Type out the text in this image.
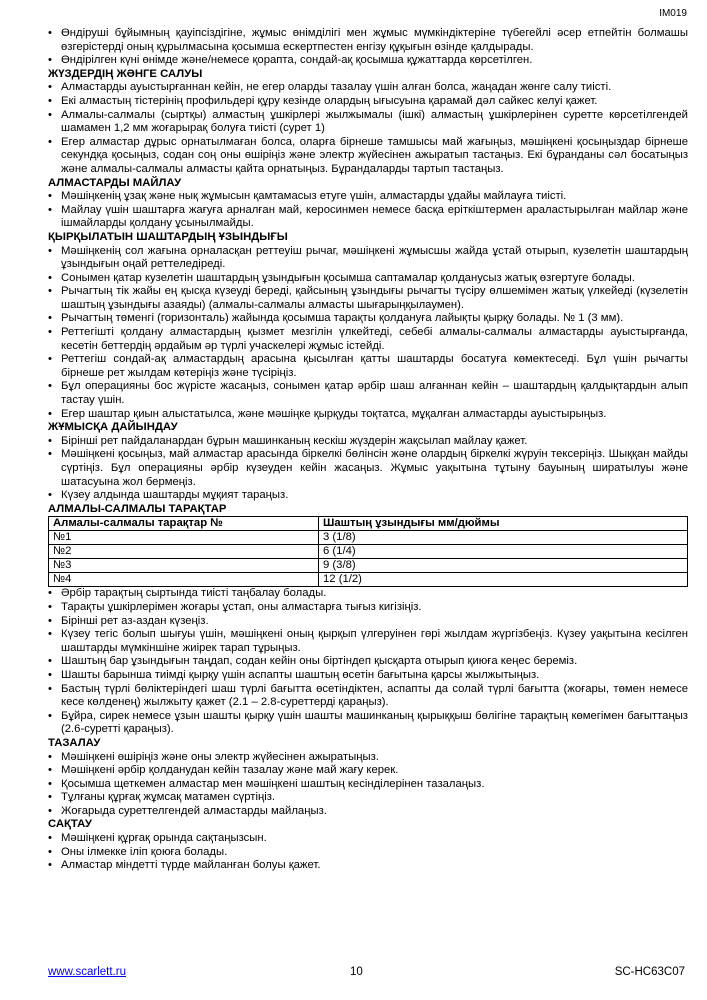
IM019

• Өндіруші бұйымның қауіпсіздігіне, жұмыс өнімділігі мен жұмыс мүмкіндіктеріне түбегейлі әсер етпейтін болмашы өзгерістерді оның құрылмасына қосымша ескертпестен енгізу құқығын өзінде қалдырады.

• Өндірілген күні өнімде және/немесе қорапта, сондай-ақ қосымша құжаттарда көрсетілген.

ЖҮЗДЕРДІҢ ЖӘНГЕ САЛУЫ

• Алмастарды ауыстырғаннан кейін, не егер оларды тазалау үшін алған болса, жаңадан жөнге салу тиісті.

• Екі алмастың тістерінің профильдері құру кезінде олардың ығысуына қарамай дәл сайкес келуі қажет.

• Алмалы-салмалы (сыртқы) алмастың ұшкірлері жылжымалы (ішкі) алмастың ұшкірлерінен суретте көрсетілгендей шамамен 1,2 мм жоғарырақ болуға тиісті (сурет 1)

• Егер алмастар дұрыс орнатылмаған болса, оларға бірнеше тамшысы май жағыңыз, мәшіңкені қосыңыздар бірнеше секундқа қосыңыз, содан соң оны өшіріңіз және электр жүйесінен ажыратып тастаңыз. Екі бұранданы сәл босатыңыз және алмалы-салмалы алмасты қайта орнатыңыз. Бұрандаларды тартып тастаңыз.

АЛМАСТАРДЫ МАЙЛАУ

• Мәшіңкенің ұзақ және нық жұмысын қамтамасыз етуге үшін, алмастарды ұдайы майлауға тиісті.

• Майлау үшін шаштарға жағуға арналған май, керосинмен немесе басқа еріткіштермен араластырылған майлар және ішмайларды қолдану ұсынылмайды.

ҚЫРҚЫЛАТЫН ШАШТАРДЫҢ ҰЗЫНДЫҒЫ

• Мәшіңкенің сол жағына орналасқан реттеуіш рычаг, мәшіңкені жұмысшы жайда ұстай отырып, кузелетін шаштардың ұзындығын оңай реттеледіреді.

• Сонымен қатар кузелетін шаштардың ұзындығын қосымша саптамалар қолданусыз жатық өзгертуге болады.

• Рычагтың тік жайы ең қысқа күзеуді береді, қайсының ұзындығы рычагты түсіру өлшемімен жатық үлкейеді (күзелетін шаштың ұзындығы азаяды) (алмалы-салмалы алмасты шығарыңқылаумен).

• Рычагтың төменгі (горизонталь) жайында қосымша тарақты қолдануға лайықты қырқу болады. № 1 (3 мм).

• Реттегішті қолдану алмастардың қызмет мезгілін үлкейтеді, себебі алмалы-салмалы алмастарды ауыстырғанда, кесетін беттердің әрдайым әр түрлі учаскелері жұмыс істейді.

• Реттегіш сондай-ақ алмастардың арасына қысылған қатты шаштарды босатуға көмектеседі. Бұл үшін рычагты бірнеше рет жылдам көтеріңіз және түсіріңіз.

• Бұл операцияны бос жүрісте жасаңыз, сонымен қатар әрбір шаш алғаннан кейін – шаштардың қалдықтардын алып тастау үшін.

• Егер шаштар қиын алыстатылса, және мәшіңке қырқуды тоқтатса, мұқалған алмастарды ауыстырыңыз.

ЖҰМЫСҚА ДАЙЫНДАУ

• Бірінші рет пайдаланардан бұрын машинканың кескіш жүздерін жақсылап майлау қажет.

• Мәшіңкені қосыңыз, май алмастар арасында біркелкі бөлінсін және олардың біркелкі жүруін тексеріңіз. Шыққан майды сүртіңіз. Бұл операцияны әрбір күзеуден кейін жасаңыз. Жұмыс уақытына тұтыну бауының ширатылуы және шатасуына жол бермеңіз.

• Күзеу алдында шаштарды мұқият тараңыз.

АЛМАЛЫ-САЛМАЛЫ ТАРАҚТАР

Алмалы-салмалы тарақтар №	Шаштың ұзындығы мм/дюймы
№1	3 (1/8)
№2	6 (1/4)
№3	9 (3/8)
№4	12 (1/2)

• Әрбір тарақтың сыртында тиісті таңбалау болады.

• Тарақты ұшкірлерімен жоғары ұстап, оны алмастарға тығыз кигізіңіз.

• Бірінші рет аз-аздан күзеңіз.

• Күзеу тегіс болып шығуы үшін, мәшіңкені оның қырқып үлгеруінен гөрі жылдам жүргізбеңіз. Күзеу уақытына кесілген шаштарды мүмкіншіне жиірек тарап тұрыңыз.

• Шаштың бар ұзындығын таңдап, содан кейін оны біртіндеп қысқарта отырып қиюға кеңес береміз.

• Шашты барынша тиімді қырқу үшін аспапты шаштың өсетін бағытына қарсы жылжытыңыз.

• Бастың түрлі бөліктеріндегі шаш түрлі бағытта өсетіндіктен, аспапты да солай түрлі бағытта (жоғары, төмен немесе кесе көлденең) жылжыту қажет (2.1 – 2.8-суреттерді қараңыз).

• Бұйра, сирек немесе ұзын шашты қырқу үшін шашты машинканың қырыққыш бөлігіне тарақтың көмегімен бағыттаңыз (2.6-суретті қараңыз).

ТАЗАЛАУ

• Мәшіңкені өшіріңіз және оны электр жүйесінен ажыратыңыз.

• Мәшіңкені әрбір қолданудан кейін тазалау және май жағу керек.

• Қосымша щеткемен алмастар мен мәшіңкені шаштың кесінділерінен тазалаңыз.

• Тұлғаны құрғақ жұмсақ матамен сүртіңіз.

• Жоғарыда суреттелгендей алмастарды майлаңыз.

САҚТАУ

• Мәшіңкені құрғақ орында сақтаңызсын.

• Оны ілмекке іліп қоюға болады.

• Алмастар міндетті түрде майланған болуы қажет.

www.scarlett.ru	10	SC-HC63C07
